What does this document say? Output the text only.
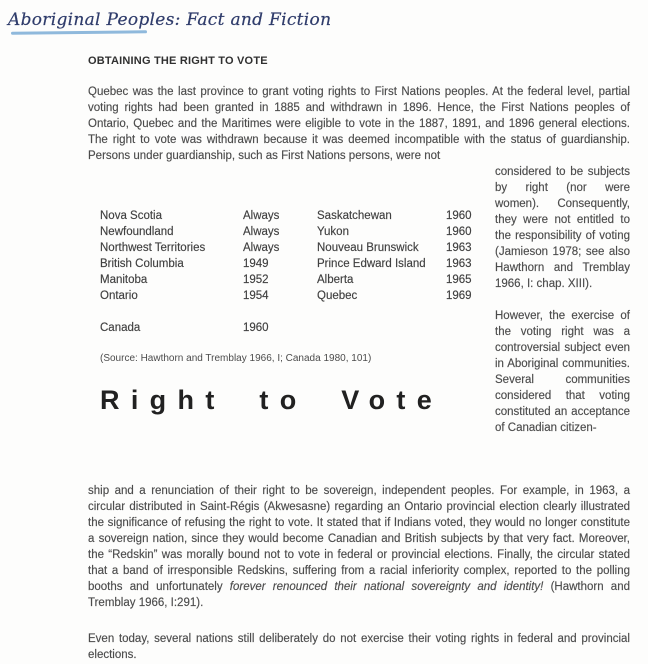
Aboriginal Peoples: Fact and Fiction
OBTAINING THE RIGHT TO VOTE

Quebec was the last province to grant voting rights to First Nations peoples. At the federal level, partial voting rights had been granted in 1885 and withdrawn in 1896. Hence, the First Nations peoples of Ontario, Quebec and the Maritimes were eligible to vote in the 1887, 1891, and 1896 general elections. The right to vote was withdrawn because it was deemed incompatible with the status of guardianship. Persons under guardianship, such as First Nations persons, were not

Nova Scotia	Always	Saskatchewan	1960
Newfoundland	Always	Yukon	1960
Northwest Territories	Always	Nouveau Brunswick	1963
British Columbia	1949	Prince Edward Island	1963
Manitoba	1952	Alberta	1965
Ontario	1954	Quebec	1969
Canada	1960
(Source: Hawthorn and Tremblay 1966, I; Canada 1980, 101)
Right to Vote

considered to be subjects by right (nor were women). Consequently, they were not entitled to the responsibility of voting (Jamieson 1978; see also Hawthorn and Tremblay 1966, I: chap. XIII).

However, the exercise of the voting right was a controversial subject even in Aboriginal communities. Several communities considered that voting constituted an acceptance of Canadian citizen-

ship and a renunciation of their right to be sovereign, independent peoples. For example, in 1963, a circular distributed in Saint-Régis (Akwesasne) regarding an Ontario provincial election clearly illustrated the significance of refusing the right to vote. It stated that if Indians voted, they would no longer constitute a sovereign nation, since they would become Canadian and British subjects by that very fact. Moreover, the “Redskin” was morally bound not to vote in federal or provincial elections. Finally, the circular stated that a band of irresponsible Redskins, suffering from a racial inferiority complex, reported to the polling booths and unfortunately forever renounced their national sovereignty and identity! (Hawthorn and Tremblay 1966, I:291).

Even today, several nations still deliberately do not exercise their voting rights in federal and provincial elections.
